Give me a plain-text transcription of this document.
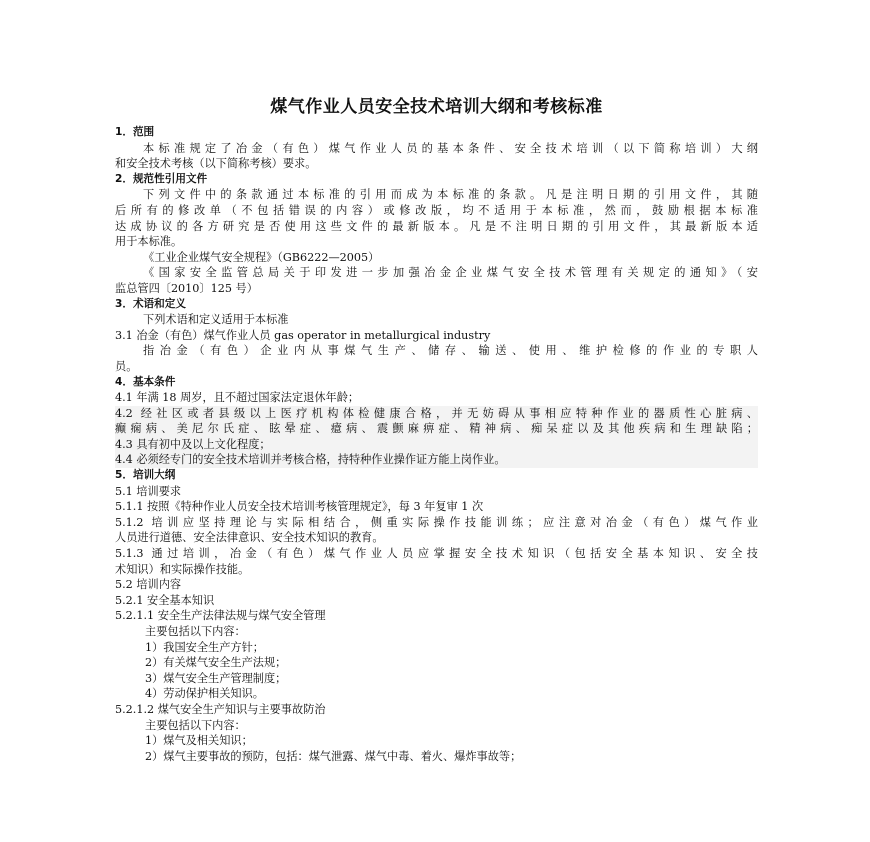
煤气作业人员安全技术培训大纲和考核标准
1．范围
本标准规定了冶金（有色）煤气作业人员的基本条件、安全技术培训（以下简称培训）大纲
和安全技术考核（以下简称考核）要求。
2．规范性引用文件
下列文件中的条款通过本标准的引用而成为本标准的条款。凡是注明日期的引用文件，其随
后所有的修改单（不包括错误的内容）或修改版，均不适用于本标准，然而，鼓励根据本标准
达成协议的各方研究是否使用这些文件的最新版本。凡是不注明日期的引用文件，其最新版本适
用于本标准。
《工业企业煤气安全规程》（GB6222—2005）
《国家安全监管总局关于印发进一步加强冶金企业煤气安全技术管理有关规定的通知》（安
监总管四〔2010〕125 号）
3．术语和定义
下列术语和定义适用于本标准
3.1 冶金（有色）煤气作业人员 gas operator in metallurgical industry
指冶金（有色）企业内从事煤气生产、储存、输送、使用、维护检修的作业的专职人
员。
4．基本条件
4.1 年满 18 周岁，且不超过国家法定退休年龄；
4.2 经社区或者县级以上医疗机构体检健康合格，并无妨碍从事相应特种作业的器质性心脏病、
癫痫病、美尼尔氏症、眩晕症、癔病、震颤麻痹症、精神病、痴呆症以及其他疾病和生理缺陷；
4.3 具有初中及以上文化程度；
4.4 必须经专门的安全技术培训并考核合格，持特种作业操作证方能上岗作业。
5．培训大纲
5.1 培训要求
5.1.1 按照《特种作业人员安全技术培训考核管理规定》，每 3 年复审 1 次
5.1.2 培训应坚持理论与实际相结合，侧重实际操作技能训练；应注意对冶金（有色）煤气作业
人员进行道德、安全法律意识、安全技术知识的教育。
5.1.3 通过培训，冶金（有色）煤气作业人员应掌握安全技术知识（包括安全基本知识、安全技
术知识）和实际操作技能。
5.2 培训内容
5.2.1 安全基本知识
5.2.1.1 安全生产法律法规与煤气安全管理
主要包括以下内容：
1）我国安全生产方针；
2）有关煤气安全生产法规；
3）煤气安全生产管理制度；
4）劳动保护相关知识。
5.2.1.2 煤气安全生产知识与主要事故防治
主要包括以下内容：
1）煤气及相关知识；
2）煤气主要事故的预防，包括：煤气泄露、煤气中毒、着火、爆炸事故等；
